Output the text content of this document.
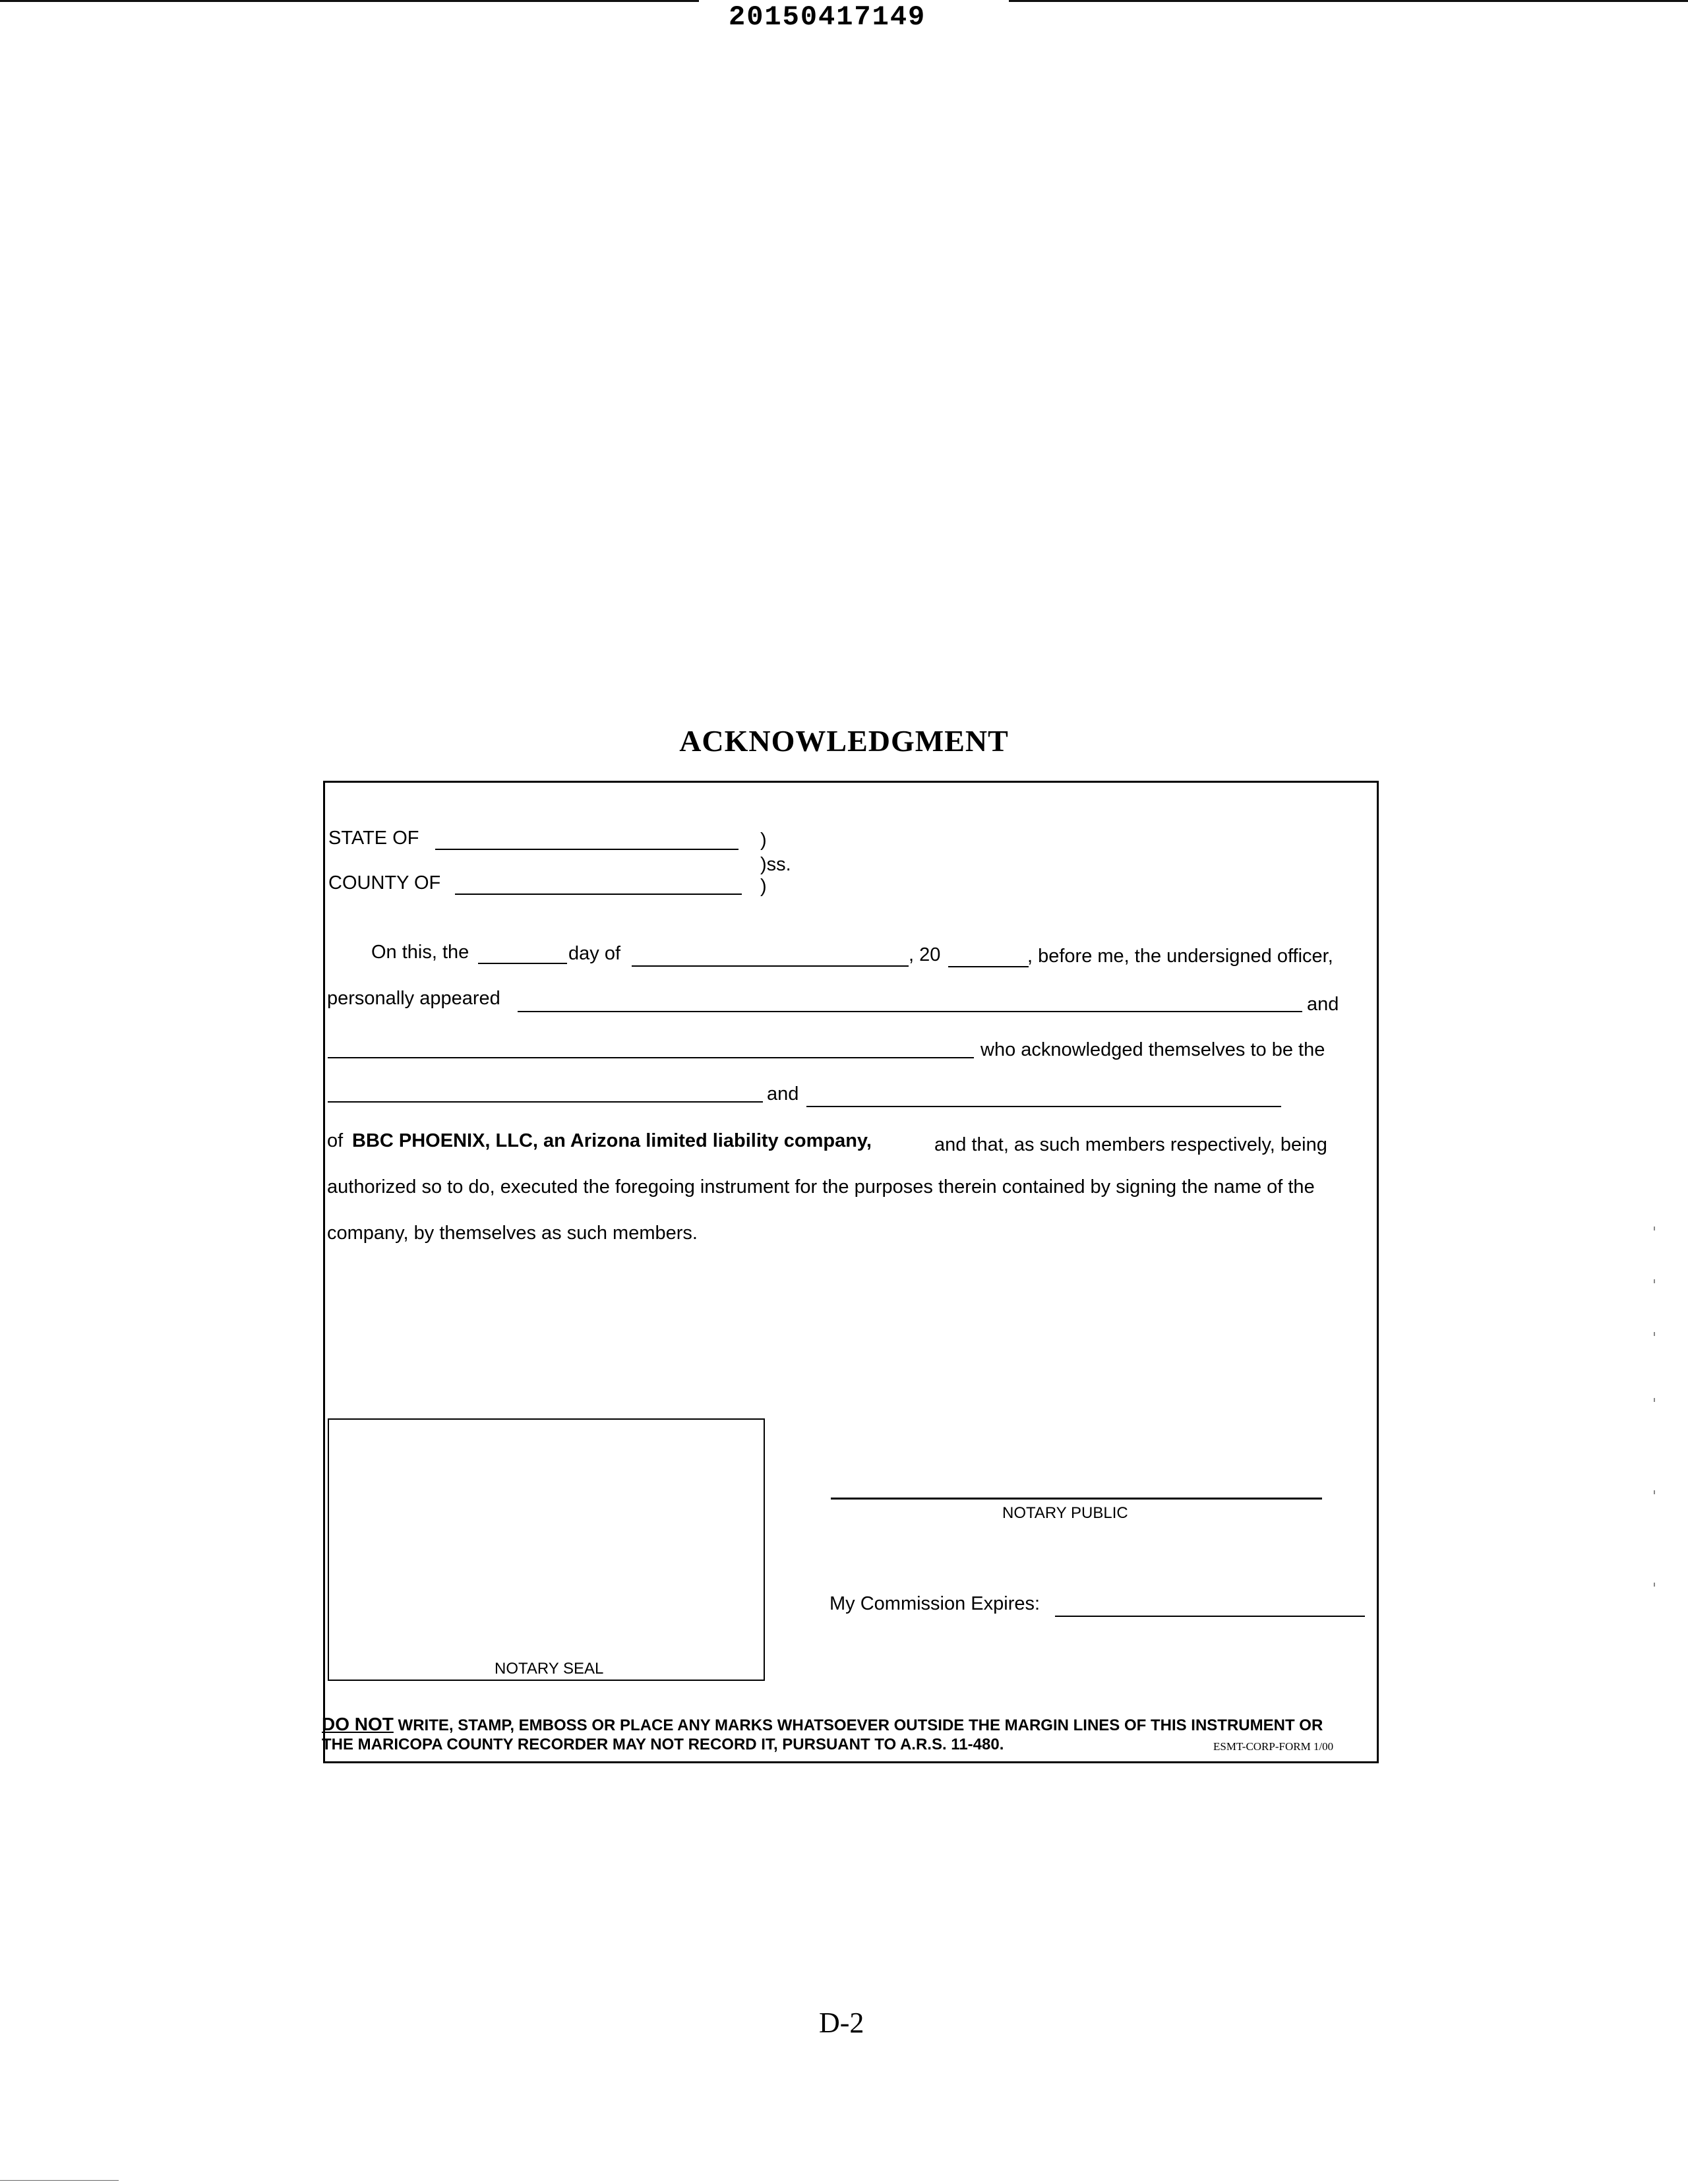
20150417149
ACKNOWLEDGMENT
STATE OF	)
)ss.
COUNTY OF	)
On this, the	day of	, 20	, before me, the undersigned officer,
personally appeared	and
who acknowledged themselves to be the
and
of BBC PHOENIX, LLC, an Arizona limited liability company,	and that, as such members respectively, being
authorized so to do, executed the foregoing instrument for the purposes therein contained by signing the name of the
company, by themselves as such members.
NOTARY SEAL
NOTARY PUBLIC
My Commission Expires:
DO NOT WRITE, STAMP, EMBOSS OR PLACE ANY MARKS WHATSOEVER OUTSIDE THE MARGIN LINES OF THIS INSTRUMENT OR
THE MARICOPA COUNTY RECORDER MAY NOT RECORD IT, PURSUANT TO A.R.S. 11-480.	ESMT-CORP-FORM 1/00
D-2
